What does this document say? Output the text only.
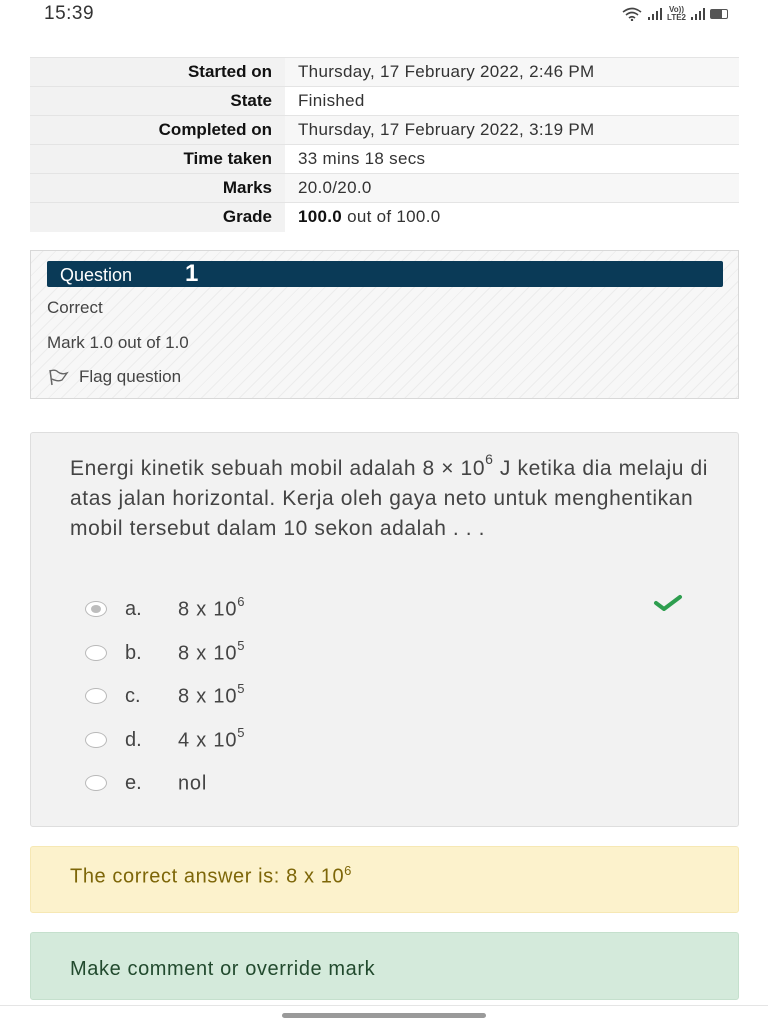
15:39	Vo))
LTE2
Started on	Thursday, 17 February 2022, 2:46 PM
State	Finished
Completed on	Thursday, 17 February 2022, 3:19 PM
Time taken	33 mins 18 secs
Marks	20.0/20.0
Grade	100.0 out of 100.0
Question 1
Correct
Mark 1.0 out of 1.0
Flag question
Energi kinetik sebuah mobil adalah $8 \times 10^6$ J ketika dia melaju di atas jalan horizontal. Kerja oleh gaya neto untuk menghentikan mobil tersebut dalam 10 sekon adalah . . .
a.	8 x $10^6$
b.	8 x $10^5$
c.	8 x $10^5$
d.	4 x $10^5$
e.	nol
The correct answer is: 8 x $10^6$
Make comment or override mark
